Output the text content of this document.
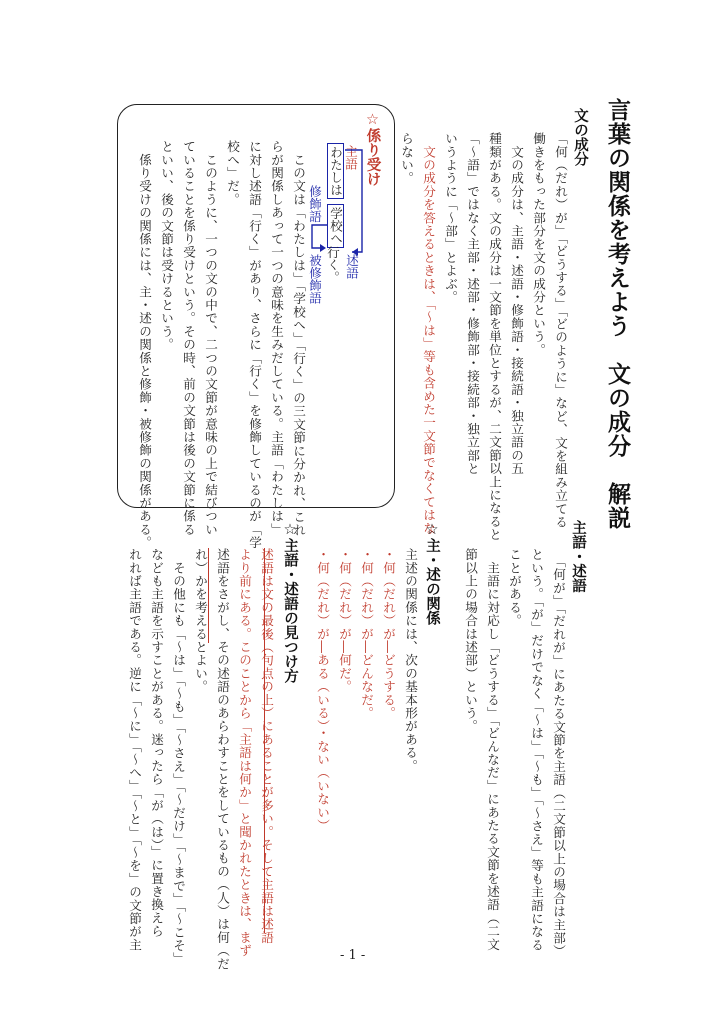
言葉の関係を考えよう　文の成分　解説
文の成分
「何（だれ）が」「どうする」「どのように」など、文を組み立てる
働きをもった部分を文の成分という。
　文の成分は、主語・述語・修飾語・接続語・独立語の五
種類がある。文の成分は一文節を単位とするが、二文節以上になると
「〜語」ではなく主部・述部・修飾部・接続部・独立部と
いうように「〜部」とよぶ。
　文の成分を答えるときは、「〜は」等も含めた一文節でなくてはな
らない。
☆係り受け
主語
わたしは
学校へ
修飾語
行く。 述語
被修飾語
　この文は「わたしは」「学校へ」「行く」の三文節に分かれ、これ
らが関係しあって一つの意味を生みだしている。主語「わたしは」
に対し述語「行く」があり、さらに「行く」を修飾しているのが「学
校へ」だ。
　このように、一つの文の中で、二つの文節が意味の上で結びつい
ていることを係り受けという。その時、前の文節は後の文節に係る
といい、後の文節は受けるという。
　係り受けの関係には、主・述の関係と修飾・被修飾の関係がある。
主語・述語
　「何が」「だれが」にあたる文節を主語（二文節以上の場合は主部）
という。「が」だけでなく「〜は」「〜も」「〜さえ」等も主語になる
ことがある。
　主語に対応し「どうする」「どんなだ」にあたる文節を述語（二文
節以上の場合は述部）という。
☆主・述の関係
主述の関係には、次の基本形がある。
・何（だれ）が―どうする。
・何（だれ）が―どんなだ。
・何（だれ）が―何だ。
・何（だれ）が―ある（いる）・ない（いない）
☆主語・述語の見つけ方
述語は文の最後（句点の上）にあることが多い。そして主語は述語
より前にある。このことから「主語は何か」と聞かれたときは、まず
述語をさがし、その述語のあらわすことをしているもの（人）は何（だ
れ）かを考えるとよい。
　その他にも「〜は」「〜も」「〜さえ」「〜だけ」「〜まで」「〜こそ」
なども主語を示すことがある。迷ったら「が（は）」に置き換えら
れれば主語である。逆に「〜に」「〜へ」「〜と」「〜を」の文節が主
- 1 -
